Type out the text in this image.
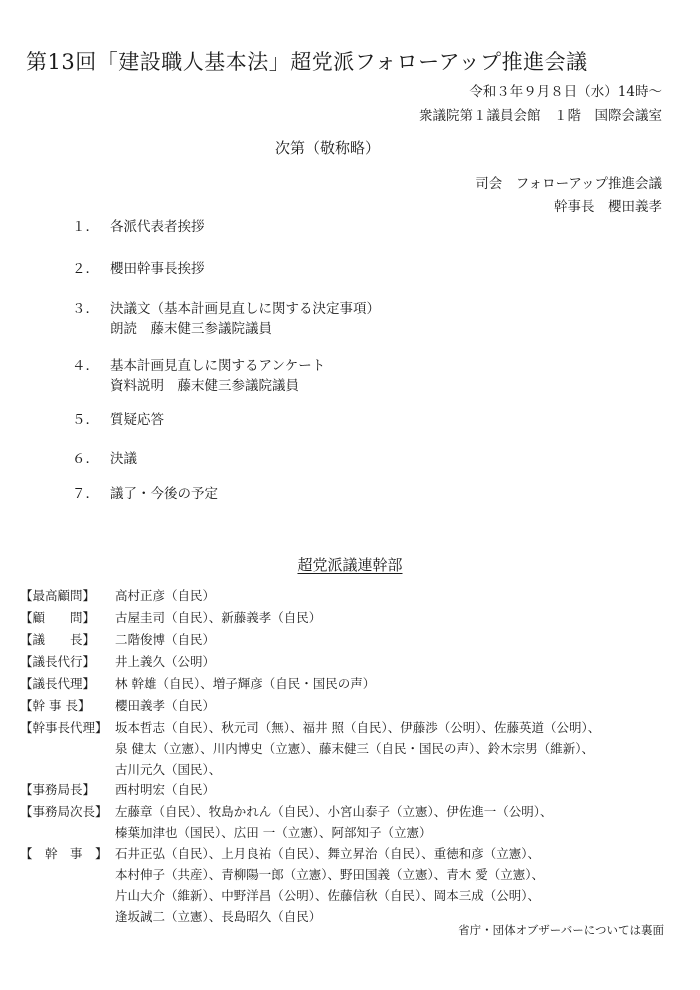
第13回「建設職人基本法」超党派フォローアップ推進会議
令和３年９月８日（水）14時～
衆議院第１議員会館　１階　国際会議室
次第（敬称略）
司会　フォローアップ推進会議
幹事長　櫻田義孝
１． 各派代表者挨拶
２． 櫻田幹事長挨拶
３． 決議文（基本計画見直しに関する決定事項）
朗読　藤末健三参議院議員
４． 基本計画見直しに関するアンケート
資料説明　藤末健三参議院議員
５． 質疑応答
６． 決議
７． 議了・今後の予定
超党派議連幹部
【最高顧問】 高村正彦（自民）
【顧　　問】 古屋圭司（自民）、新藤義孝（自民）
【議　　長】 二階俊博（自民）
【議長代行】 井上義久（公明）
【議長代理】 林 幹雄（自民）、増子輝彦（自民・国民の声）
【幹 事 長】 櫻田義孝（自民）
【幹事長代理】 坂本哲志（自民）、秋元司（無）、福井 照（自民）、伊藤渉（公明）、佐藤英道（公明）、
泉 健太（立憲）、川内博史（立憲）、藤末健三（自民・国民の声）、鈴木宗男（維新）、
古川元久（国民）、
【事務局長】 西村明宏（自民）
【事務局次長】 左藤章（自民）、牧島かれん（自民）、小宮山泰子（立憲）、伊佐進一（公明）、
榛葉加津也（国民）、広田 一（立憲）、阿部知子（立憲）
【　幹　事　】 石井正弘（自民）、上月良祐（自民）、舞立昇治（自民）、重徳和彦（立憲）、
本村伸子（共産）、青柳陽一郎（立憲）、野田国義（立憲）、青木 愛（立憲）、
片山大介（維新）、中野洋昌（公明）、佐藤信秋（自民）、岡本三成（公明）、
逢坂誠二（立憲）、長島昭久（自民）
省庁・団体オブザーバーについては裏面
